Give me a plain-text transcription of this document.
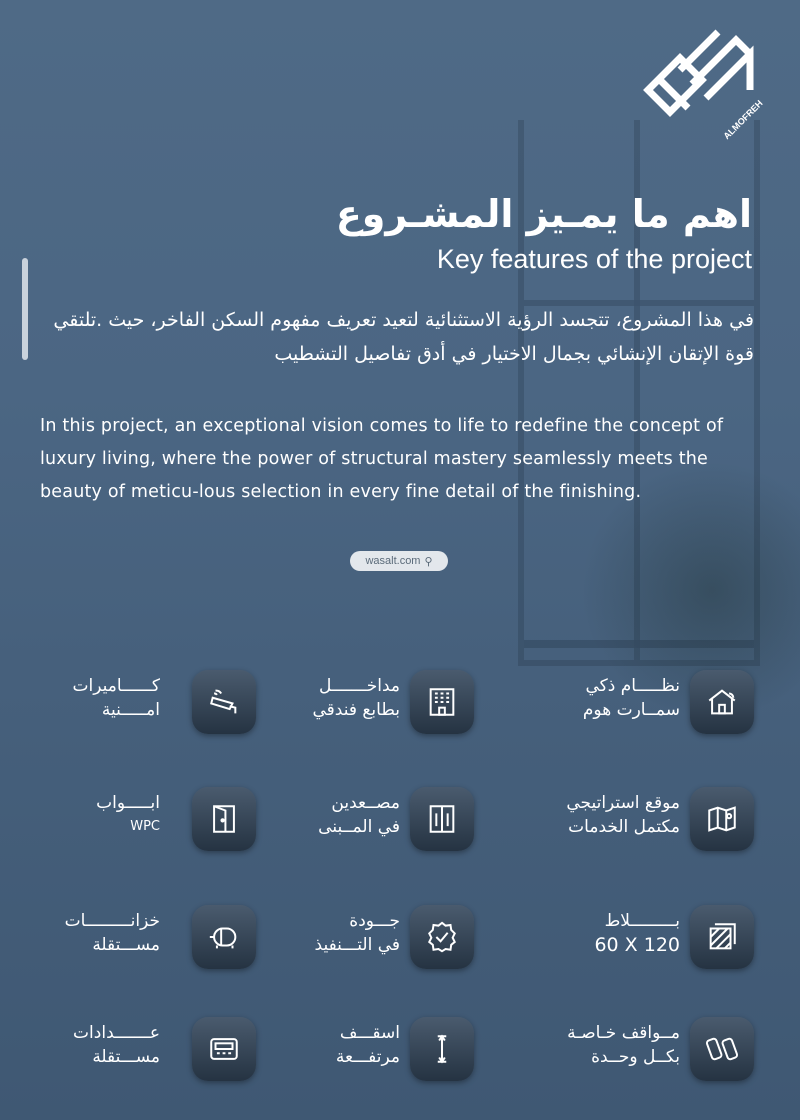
ALMOFREH
اهم ما يمـيز المشـروع
Key features of the project
في هذا المشروع، تتجسد الرؤية الاستثنائية لتعيد تعريف مفهوم السكن الفاخر، حيث .تلتقي قوة الإتقان الإنشائي بجمال الاختيار في أدق تفاصيل التشطيب
In this project, an exceptional vision comes to life to redefine the concept of luxury living, where the power of structural mastery seamlessly meets the beauty of meticu-lous selection in every fine detail of the finishing.
wasalt.com ⚲
نظـــــام ذكي
سمــارت هوم
مداخـــــــل
بطابع فندقي
كــــــاميرات
امـــــنية
موقع استراتيجي
مكتمل الخدمات
مصــعدين
في المــبنى
ابـــــواب
WPC
بـــــــــلاط
60 X 120
جـــودة
في التـــنفيذ
خزانـــــــــات
مســـتقلة
مــواقف خـاصـة
بكــل وحــدة
اسقـــف
مرتفـــعة
عـــــــدادات
مســـتقلة
